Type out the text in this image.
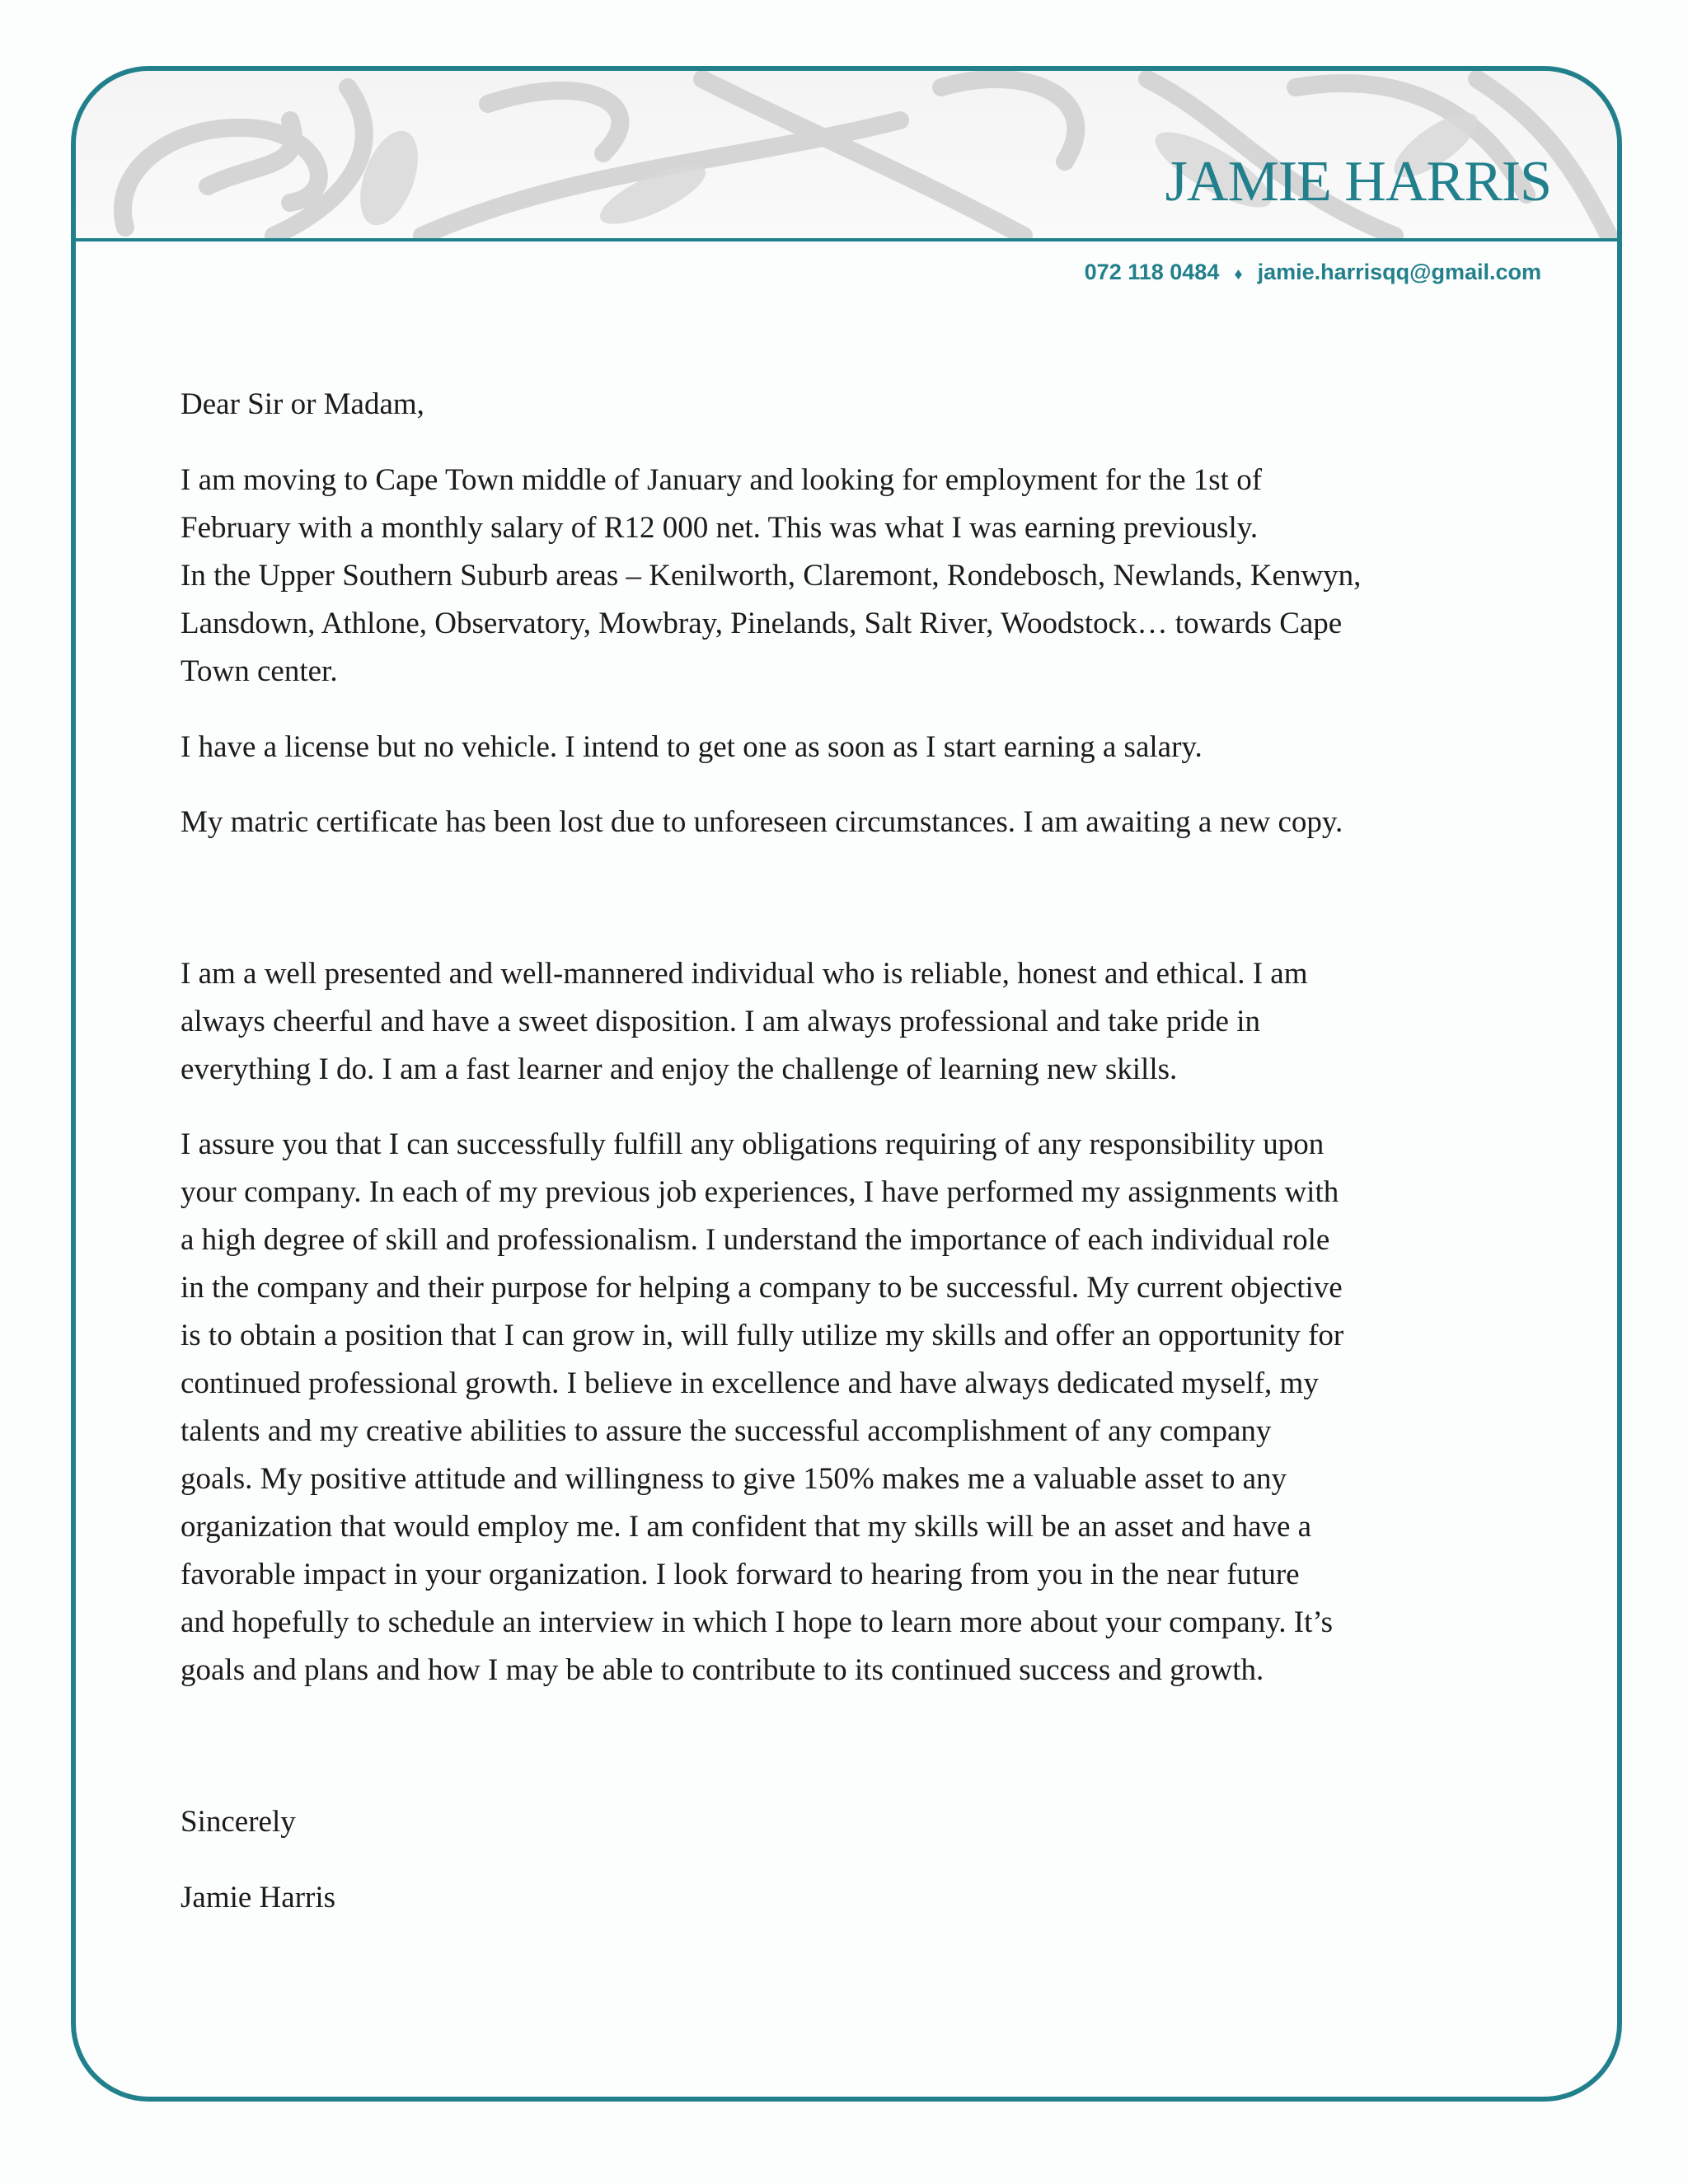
JAMIE HARRIS
072 118 0484 ♦ jamie.harrisqq@gmail.com
Dear Sir or Madam,
I am moving to Cape Town middle of January and looking for employment for the 1st of
February with a monthly salary of R12 000 net. This was what I was earning previously.
In the Upper Southern Suburb areas – Kenilworth, Claremont, Rondebosch, Newlands, Kenwyn,
Lansdown, Athlone, Observatory, Mowbray, Pinelands, Salt River, Woodstock… towards Cape
Town center.
I have a license but no vehicle. I intend to get one as soon as I start earning a salary.
My matric certificate has been lost due to unforeseen circumstances. I am awaiting a new copy.
I am a well presented and well-mannered individual who is reliable, honest and ethical. I am
always cheerful and have a sweet disposition. I am always professional and take pride in
everything I do. I am a fast learner and enjoy the challenge of learning new skills.
I assure you that I can successfully fulfill any obligations requiring of any responsibility upon
your company. In each of my previous job experiences, I have performed my assignments with
a high degree of skill and professionalism. I understand the importance of each individual role
in the company and their purpose for helping a company to be successful. My current objective
is to obtain a position that I can grow in, will fully utilize my skills and offer an opportunity for
continued professional growth. I believe in excellence and have always dedicated myself, my
talents and my creative abilities to assure the successful accomplishment of any company
goals. My positive attitude and willingness to give 150% makes me a valuable asset to any
organization that would employ me. I am confident that my skills will be an asset and have a
favorable impact in your organization. I look forward to hearing from you in the near future
and hopefully to schedule an interview in which I hope to learn more about your company. It’s
goals and plans and how I may be able to contribute to its continued success and growth.
Sincerely
Jamie Harris
